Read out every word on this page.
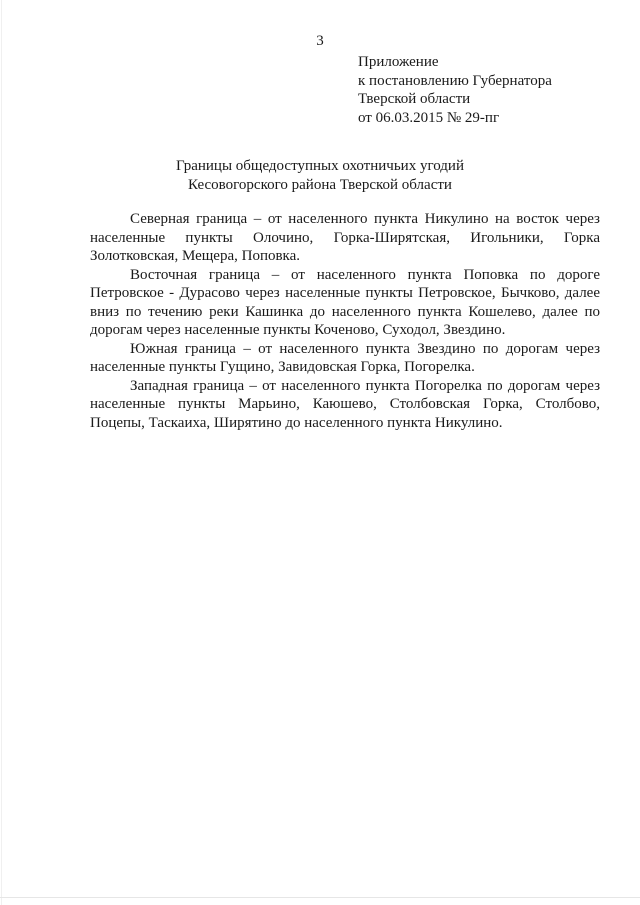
3
Приложение
к постановлению Губернатора
Тверской области
от 06.03.2015 № 29-пг
Границы общедоступных охотничьих угодий
Кесовогорского района Тверской области

Северная граница – от населенного пункта Никулино на восток через населенные пункты Олочино, Горка-Ширятская, Игольники, Горка Золотковская, Мещера, Поповка.

Восточная граница – от населенного пункта Поповка по дороге Петровское - Дурасово через населенные пункты Петровское, Бычково, далее вниз по течению реки Кашинка до населенного пункта Кошелево, далее по дорогам через населенные пункты Коченово, Суходол, Звездино.

Южная граница – от населенного пункта Звездино по дорогам через населенные пункты Гущино, Завидовская Горка, Погорелка.

Западная граница – от населенного пункта Погорелка по дорогам через населенные пункты Марьино, Каюшево, Столбовская Горка, Столбово, Поцепы, Таскаиха, Ширятино до населенного пункта Никулино.
